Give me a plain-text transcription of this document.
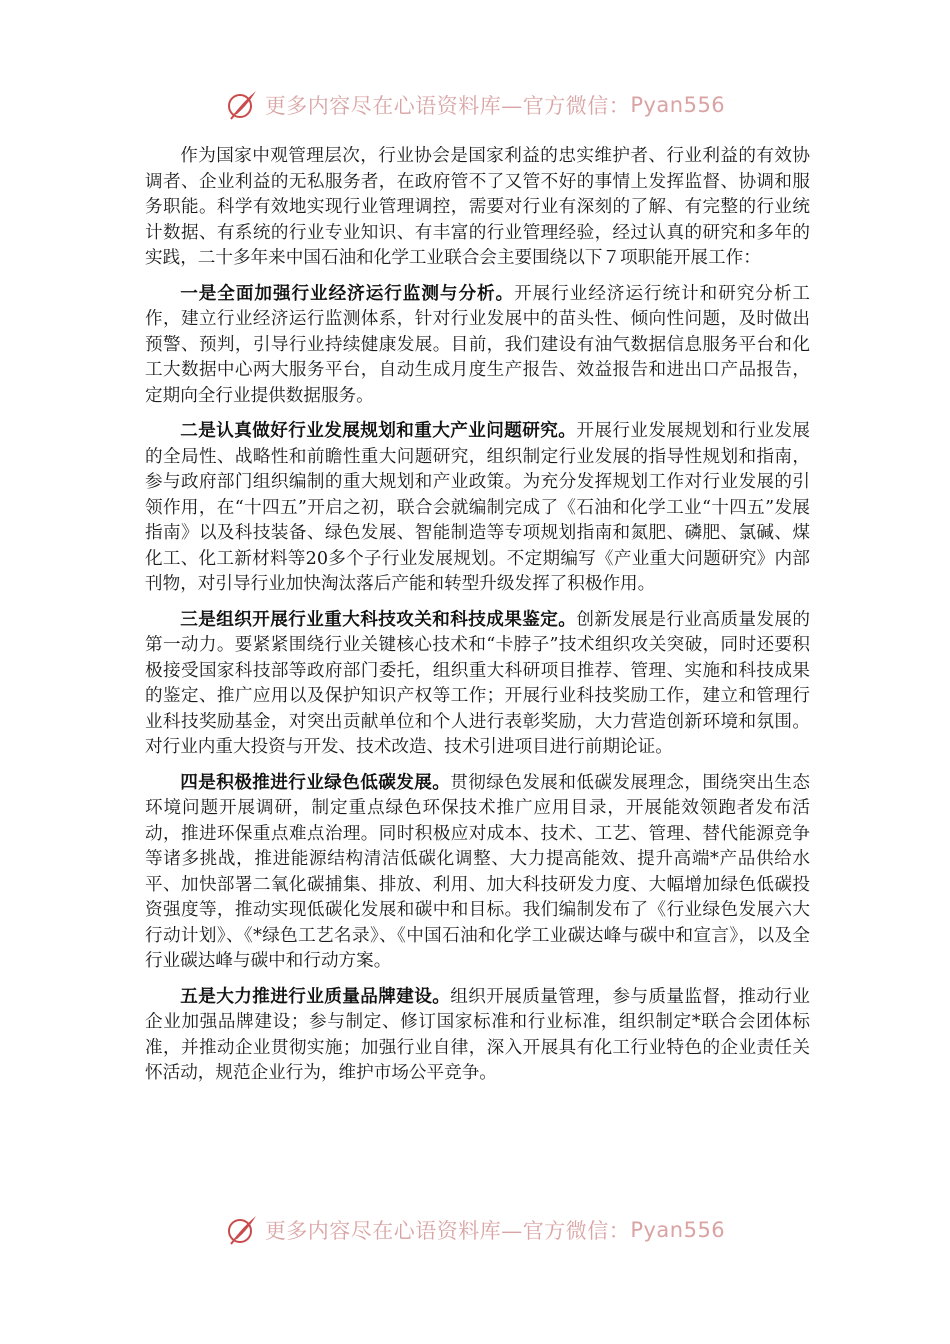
更多内容尽在心语资料库—官方微信： Pyan556

作为国家中观管理层次，行业协会是国家利益的忠实维护者、行业利益的有效协调者、企业利益的无私服务者，在政府管不了又管不好的事情上发挥监督、协调和服务职能。科学有效地实现行业管理调控，需要对行业有深刻的了解、有完整的行业统计数据、有系统的行业专业知识、有丰富的行业管理经验，经过认真的研究和多年的实践，二十多年来中国石油和化学工业联合会主要围绕以下７项职能开展工作：

一是全面加强行业经济运行监测与分析。开展行业经济运行统计和研究分析工作，建立行业经济运行监测体系，针对行业发展中的苗头性、倾向性问题，及时做出预警、预判，引导行业持续健康发展。目前，我们建设有油气数据信息服务平台和化工大数据中心两大服务平台，自动生成月度生产报告、效益报告和进出口产品报告，定期向全行业提供数据服务。

二是认真做好行业发展规划和重大产业问题研究。开展行业发展规划和行业发展的全局性、战略性和前瞻性重大问题研究，组织制定行业发展的指导性规划和指南，参与政府部门组织编制的重大规划和产业政策。为充分发挥规划工作对行业发展的引领作用，在“十四五”开启之初，联合会就编制完成了《石油和化学工业“十四五”发展指南》以及科技装备、绿色发展、智能制造等专项规划指南和氮肥、磷肥、氯碱、煤化工、化工新材料等20多个子行业发展规划。不定期编写《产业重大问题研究》内部刊物，对引导行业加快淘汰落后产能和转型升级发挥了积极作用。

三是组织开展行业重大科技攻关和科技成果鉴定。创新发展是行业高质量发展的第一动力。要紧紧围绕行业关键核心技术和“卡脖子”技术组织攻关突破，同时还要积极接受国家科技部等政府部门委托，组织重大科研项目推荐、管理、实施和科技成果的鉴定、推广应用以及保护知识产权等工作；开展行业科技奖励工作，建立和管理行业科技奖励基金，对突出贡献单位和个人进行表彰奖励，大力营造创新环境和氛围。对行业内重大投资与开发、技术改造、技术引进项目进行前期论证。

四是积极推进行业绿色低碳发展。贯彻绿色发展和低碳发展理念，围绕突出生态环境问题开展调研，制定重点绿色环保技术推广应用目录，开展能效领跑者发布活动，推进环保重点难点治理。同时积极应对成本、技术、工艺、管理、替代能源竞争等诸多挑战，推进能源结构清洁低碳化调整、大力提高能效、提升高端*产品供给水平、加快部署二氧化碳捕集、排放、利用、加大科技研发力度、大幅增加绿色低碳投资强度等，推动实现低碳化发展和碳中和目标。我们编制发布了《行业绿色发展六大行动计划》、《*绿色工艺名录》、《中国石油和化学工业碳达峰与碳中和宣言》，以及全行业碳达峰与碳中和行动方案。

五是大力推进行业质量品牌建设。组织开展质量管理，参与质量监督，推动行业企业加强品牌建设；参与制定、修订国家标准和行业标准，组织制定*联合会团体标准，并推动企业贯彻实施；加强行业自律，深入开展具有化工行业特色的企业责任关怀活动，规范企业行为，维护市场公平竞争。

更多内容尽在心语资料库—官方微信： Pyan556
